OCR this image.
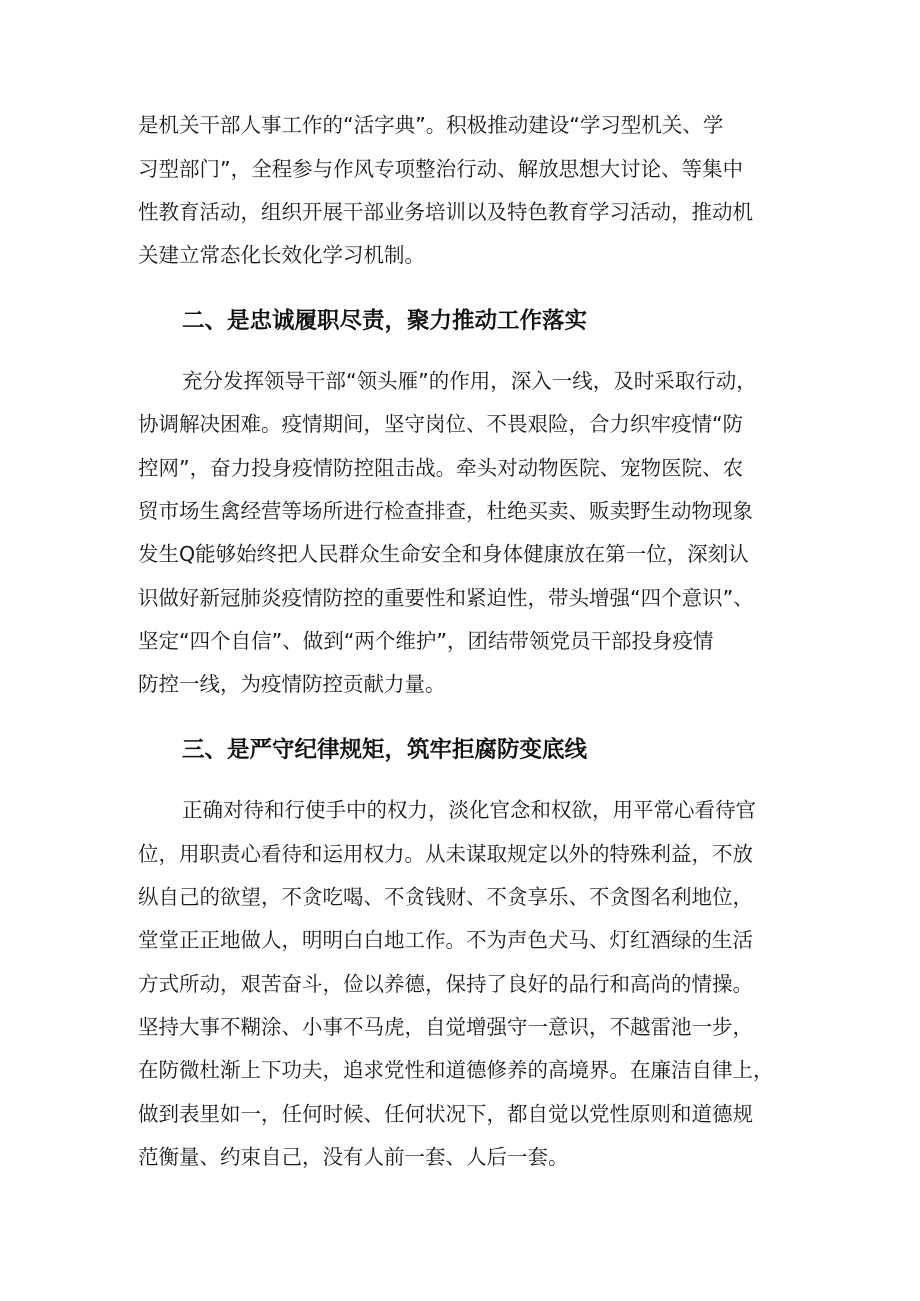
是机关干部人事工作的“活字典”。积极推动建设“学习型机关、学
习型部门”，全程参与作风专项整治行动、解放思想大讨论、等集中
性教育活动，组织开展干部业务培训以及特色教育学习活动，推动机
关建立常态化长效化学习机制。
二、是忠诚履职尽责，聚力推动工作落实
充分发挥领导干部“领头雁”的作用，深入一线，及时采取行动，
协调解决困难。疫情期间，坚守岗位、不畏艰险，合力织牢疫情“防
控网”，奋力投身疫情防控阻击战。牵头对动物医院、宠物医院、农
贸市场生禽经营等场所进行检查排查，杜绝买卖、贩卖野生动物现象
发生Q能够始终把人民群众生命安全和身体健康放在第一位，深刻认
识做好新冠肺炎疫情防控的重要性和紧迫性，带头增强“四个意识”、
坚定“四个自信”、做到“两个维护”，团结带领党员干部投身疫情
防控一线，为疫情防控贡献力量。
三、是严守纪律规矩，筑牢拒腐防变底线
正确对待和行使手中的权力，淡化官念和权欲，用平常心看待官
位，用职责心看待和运用权力。从未谋取规定以外的特殊利益，不放
纵自己的欲望，不贪吃喝、不贪钱财、不贪享乐、不贪图名利地位，
堂堂正正地做人，明明白白地工作。不为声色犬马、灯红酒绿的生活
方式所动，艰苦奋斗，俭以养德，保持了良好的品行和高尚的情操。
坚持大事不糊涂、小事不马虎，自觉增强守一意识，不越雷池一步，
在防微杜渐上下功夫，追求党性和道德修养的高境界。在廉洁自律上，
做到表里如一，任何时候、任何状况下，都自觉以党性原则和道德规
范衡量、约束自己，没有人前一套、人后一套。
